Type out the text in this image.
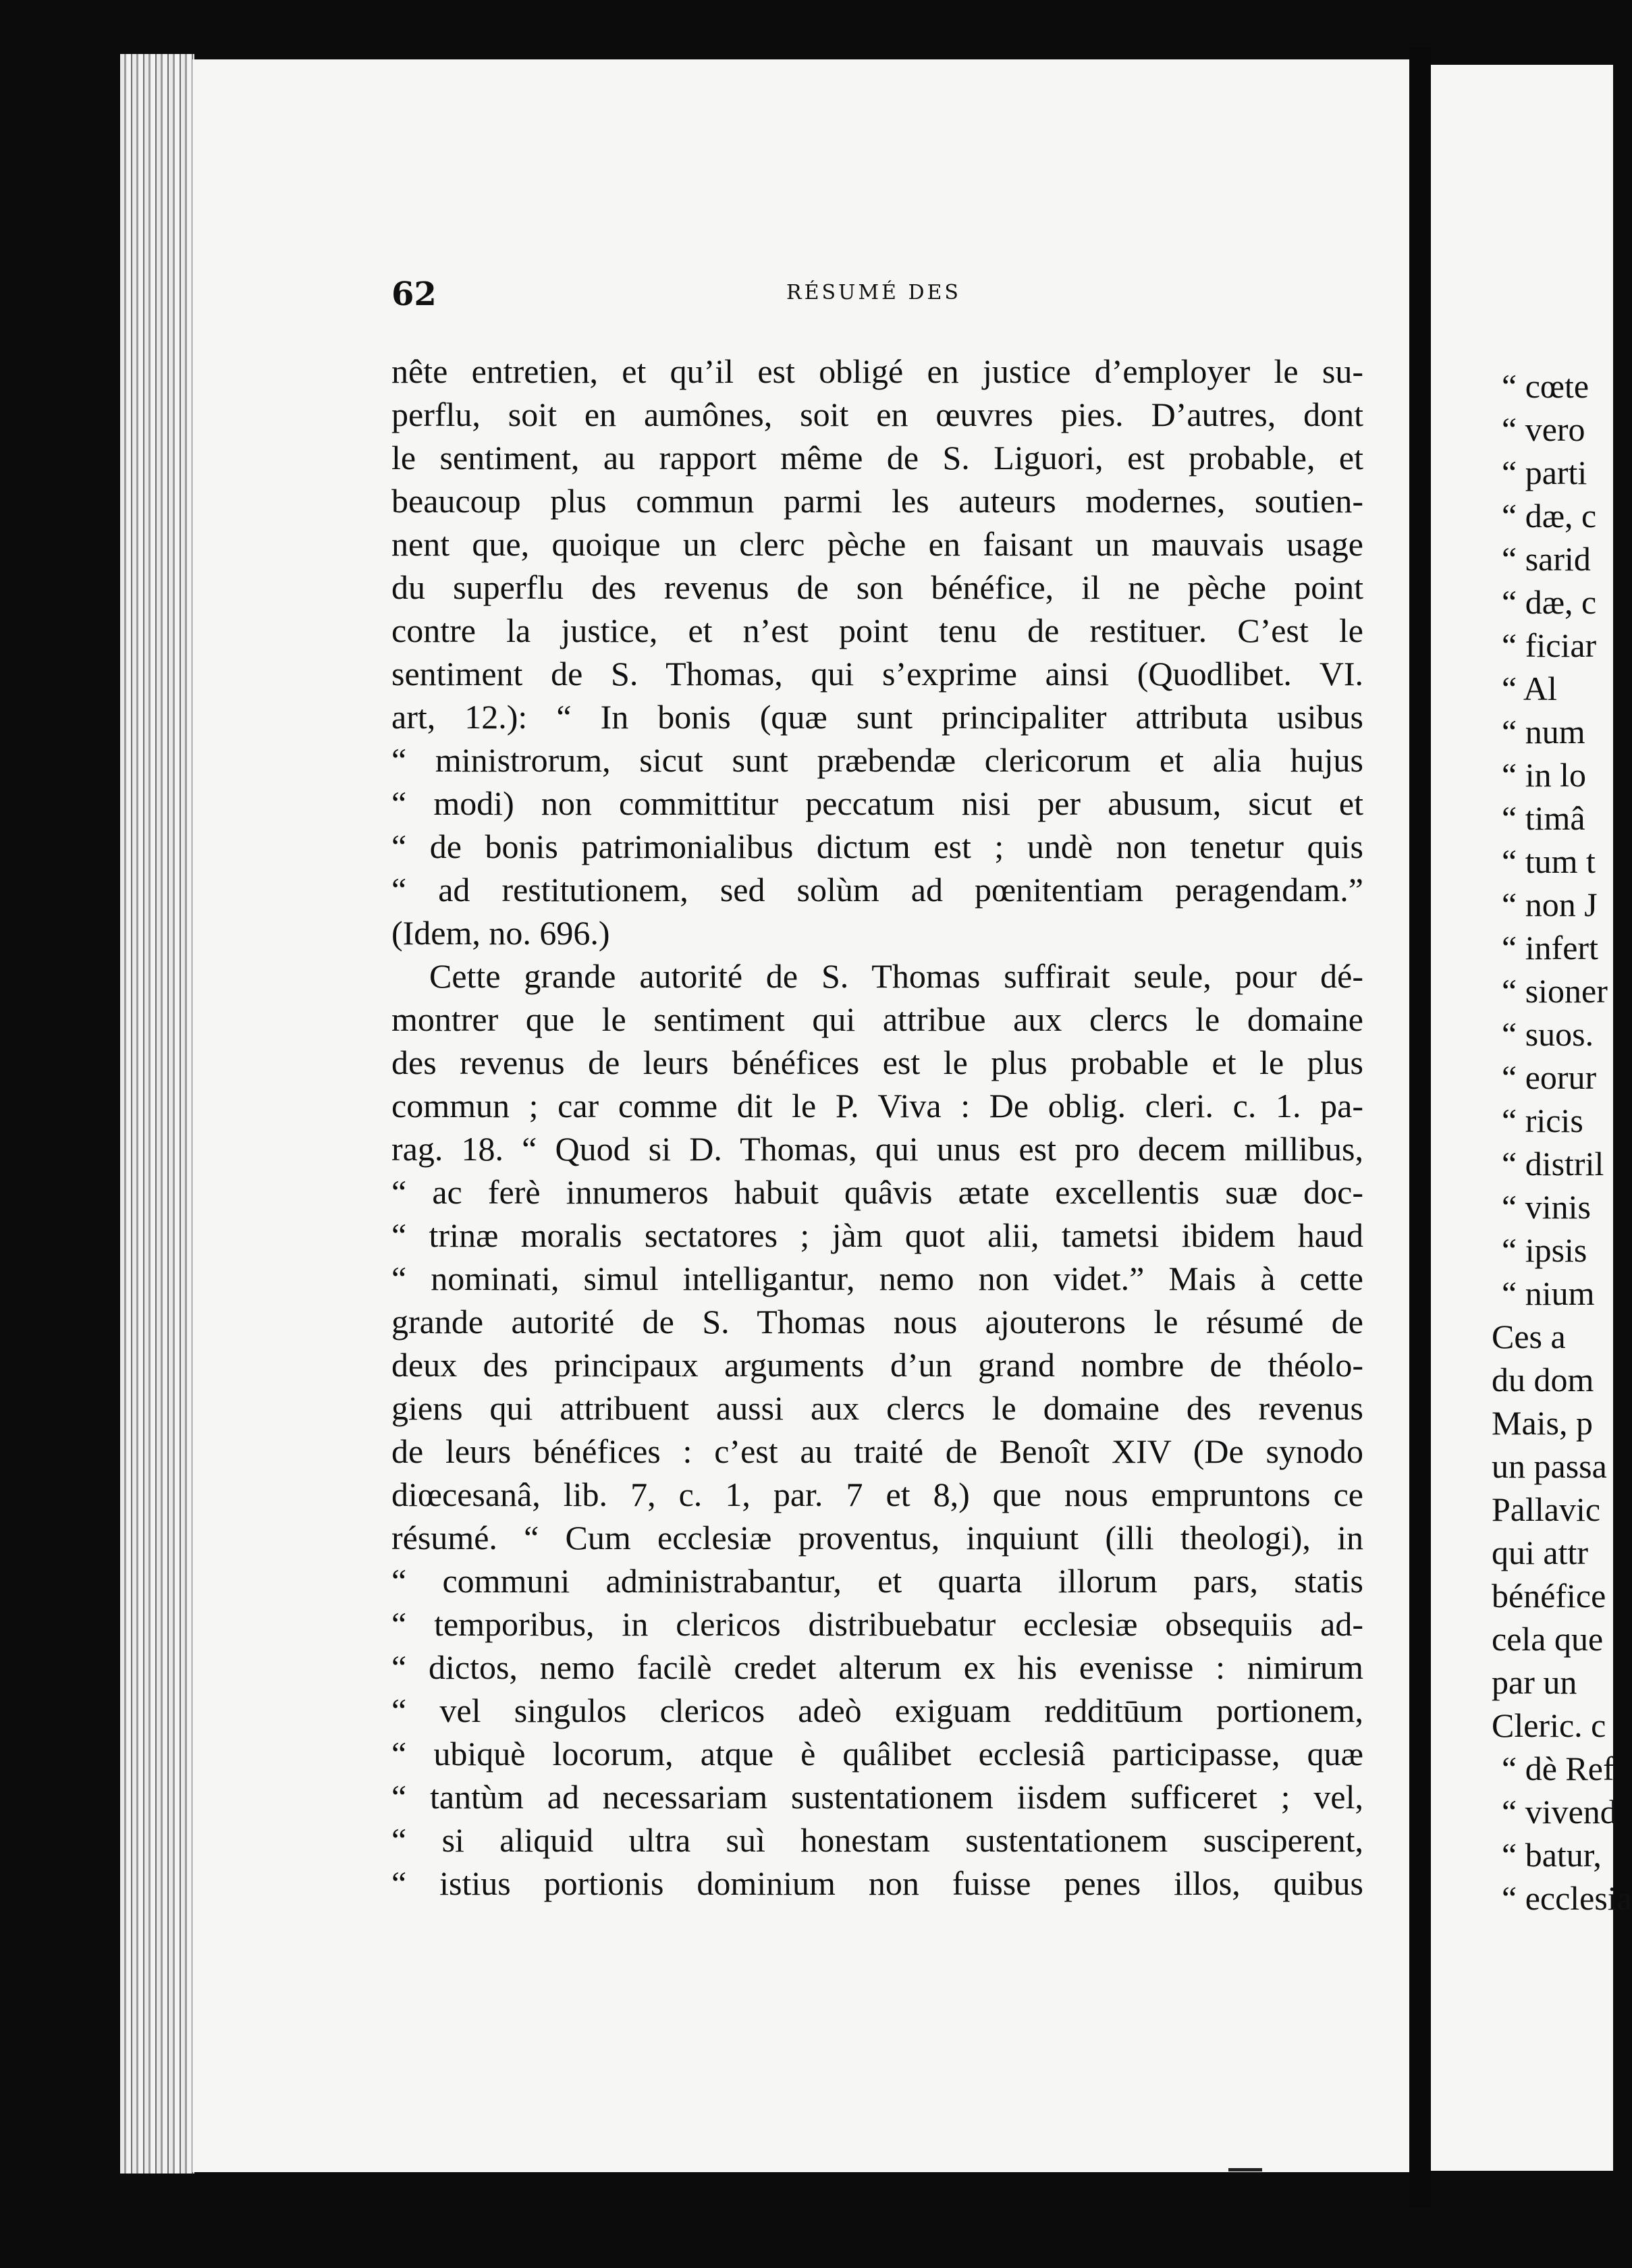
62	RÉSUMÉ DES
nête entretien, et qu’il est obligé en justice d’employer le su-
perflu, soit en aumônes, soit en œuvres pies. D’autres, dont
le sentiment, au rapport même de S. Liguori, est probable, et
beaucoup plus commun parmi les auteurs modernes, soutien-
nent que, quoique un clerc pèche en faisant un mauvais usage
du superflu des revenus de son bénéfice, il ne pèche point
contre la justice, et n’est point tenu de restituer. C’est le
sentiment de S. Thomas, qui s’exprime ainsi (Quodlibet. VI.
art, 12.): “ In bonis (quæ sunt principaliter attributa usibus
“ ministrorum, sicut sunt præbendæ clericorum et alia hujus
“ modi) non committitur peccatum nisi per abusum, sicut et
“ de bonis patrimonialibus dictum est ; undè non tenetur quis
“ ad restitutionem, sed solùm ad pœnitentiam peragendam.”
(Idem, no. 696.)
Cette grande autorité de S. Thomas suffirait seule, pour dé-
montrer que le sentiment qui attribue aux clercs le domaine
des revenus de leurs bénéfices est le plus probable et le plus
commun ; car comme dit le P. Viva : De oblig. cleri. c. 1. pa-
rag. 18. “ Quod si D. Thomas, qui unus est pro decem millibus,
“ ac ferè innumeros habuit quâvis ætate excellentis suæ doc-
“ trinæ moralis sectatores ; jàm quot alii, tametsi ibidem haud
“ nominati, simul intelligantur, nemo non videt.” Mais à cette
grande autorité de S. Thomas nous ajouterons le résumé de
deux des principaux arguments d’un grand nombre de théolo-
giens qui attribuent aussi aux clercs le domaine des revenus
de leurs bénéfices : c’est au traité de Benoît XIV (De synodo
diœcesanâ, lib. 7, c. 1, par. 7 et 8,) que nous empruntons ce
résumé. “ Cum ecclesiæ proventus, inquiunt (illi theologi), in
“ communi administrabantur, et quarta illorum pars, statis
“ temporibus, in clericos distribuebatur ecclesiæ obsequiis ad-
“ dictos, nemo facilè credet alterum ex his evenisse : nimirum
“ vel singulos clericos adeò exiguam redditūum portionem,
“ ubiquè locorum, atque è quâlibet ecclesiâ participasse, quæ
“ tantùm ad necessariam sustentationem iisdem sufficeret ; vel,
“ si aliquid ultra suì honestam sustentationem susciperent,
“ istius portionis dominium non fuisse penes illos, quibus
“ cœte
“ vero
“ parti
“ dæ, c
“ sarid
“ dæ, c
“ ficiar
“ Al
“ num
“ in lo
“ timâ
“ tum t
“ non J
“ infert
“ sioner
“ suos.
“ eorur
“ ricis
“ distril
“ vinis
“ ipsis
“ nium
Ces a
du dom
Mais, p
un passa
Pallavic
qui attr
bénéfice
cela que
par un
Cleric. c
“ dè Ref
“ vivend
“ batur,
“ ecclesia
